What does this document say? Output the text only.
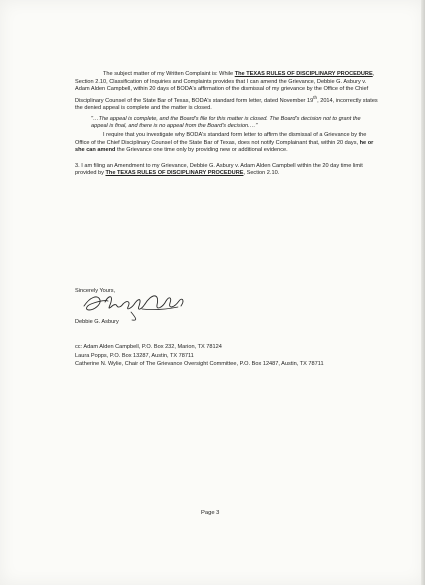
The subject matter of my Written Complaint is: While The TEXAS RULES OF DISCIPLINARY PROCEDURE, Section 2.10, Classification of Inquiries and Complaints provides that I can amend the Grievance, Debbie G. Asbury v. Adam Alden Campbell, within 20 days of BODA's affirmation of the dismissal of my grievance by the Office of the Chief Disciplinary Counsel of the State Bar of Texas, BODA's standard form letter, dated November 19th, 2014, incorrectly states the denied appeal is complete and the matter is closed.

"…The appeal is complete, and the Board's file for this matter is closed. The Board's decision not to grant the appeal is final, and there is no appeal from the Board's decision.…"

I require that you investigate why BODA's standard form letter to affirm the dismissal of a Grievance by the Office of the Chief Disciplinary Counsel of the State Bar of Texas, does not notify Complainant that, within 20 days, he or she can amend the Grievance one time only by providing new or additional evidence.

3. I am filing an Amendment to my Grievance, Debbie G. Asbury v. Adam Alden Campbell within the 20 day time limit provided by The TEXAS RULES OF DISCIPLINARY PROCEDURE, Section 2.10.

Sincerely Yours,
Debbie G. Asbury
cc: Adam Alden Campbell, P.O. Box 232, Marion, TX 78124
Laura Popps, P.O. Box 13287, Austin, TX 78711
Catherine N. Wylie, Chair of The Grievance Oversight Committee, P.O. Box 12487, Austin, TX 78711
Page 3
